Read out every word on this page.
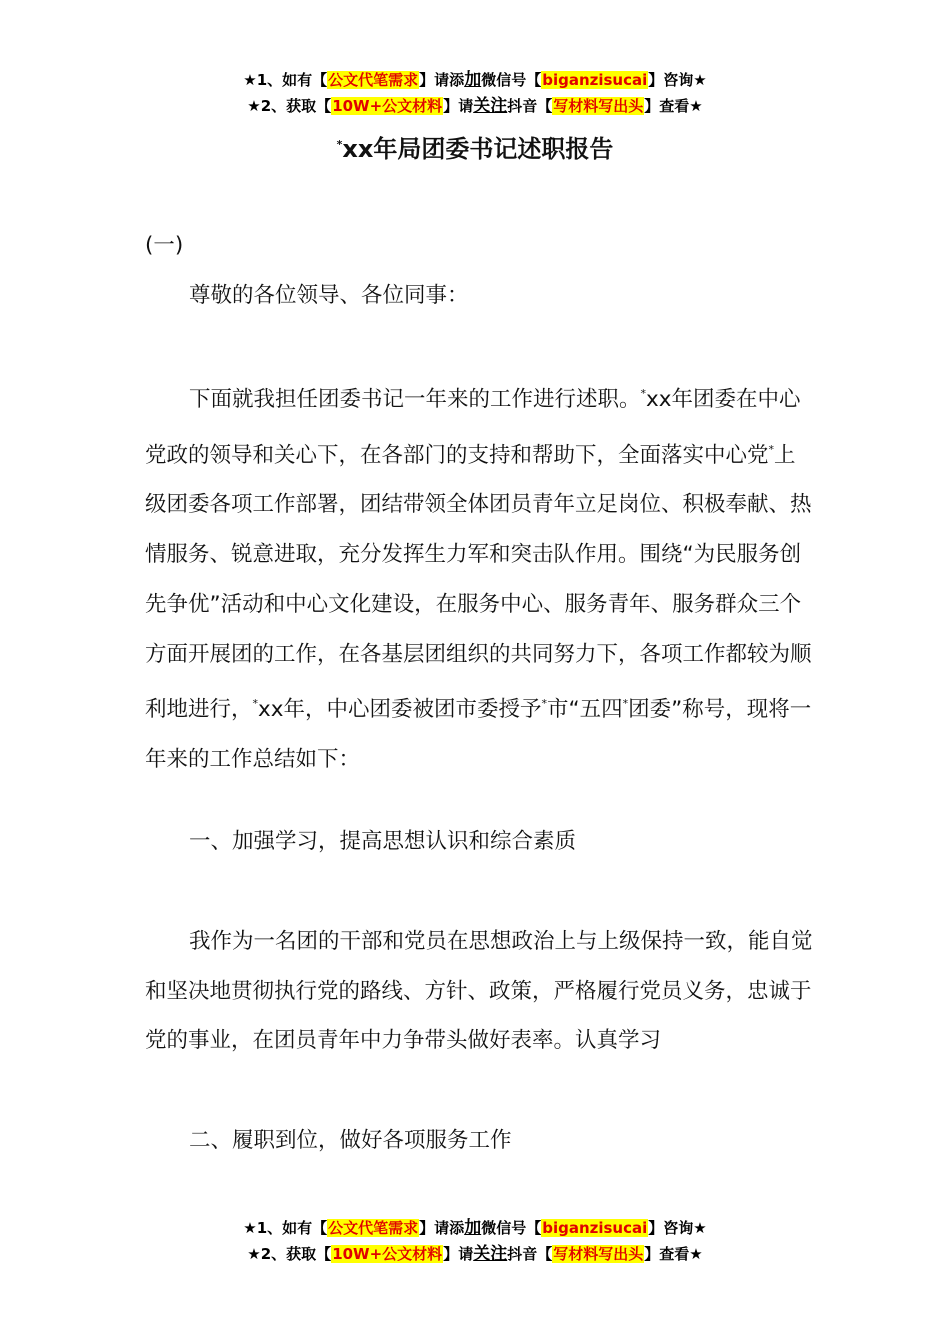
★1、如有【公文代笔需求】请添加微信号【biganzisucai】咨询★
★2、获取【10W+公文材料】请关注抖音【写材料写出头】查看★
*xx年局团委书记述职报告
(一)
尊敬的各位领导、各位同事：
下面就我担任团委书记一年来的工作进行述职。*xx年团委在中心党政的领导和关心下，在各部门的支持和帮助下，全面落实中心党*上级团委各项工作部署，团结带领全体团员青年立足岗位、积极奉献、热情服务、锐意进取，充分发挥生力军和突击队作用。围绕“为民服务创先争优”活动和中心文化建设，在服务中心、服务青年、服务群众三个方面开展团的工作，在各基层团组织的共同努力下，各项工作都较为顺利地进行，*xx年，中心团委被团市委授予*市“五四*团委”称号，现将一年来的工作总结如下：
一、加强学习，提高思想认识和综合素质
我作为一名团的干部和党员在思想政治上与上级保持一致，能自觉和坚决地贯彻执行党的路线、方针、政策，严格履行党员义务，忠诚于党的事业，在团员青年中力争带头做好表率。认真学习
二、履职到位，做好各项服务工作
★1、如有【公文代笔需求】请添加微信号【biganzisucai】咨询★
★2、获取【10W+公文材料】请关注抖音【写材料写出头】查看★
